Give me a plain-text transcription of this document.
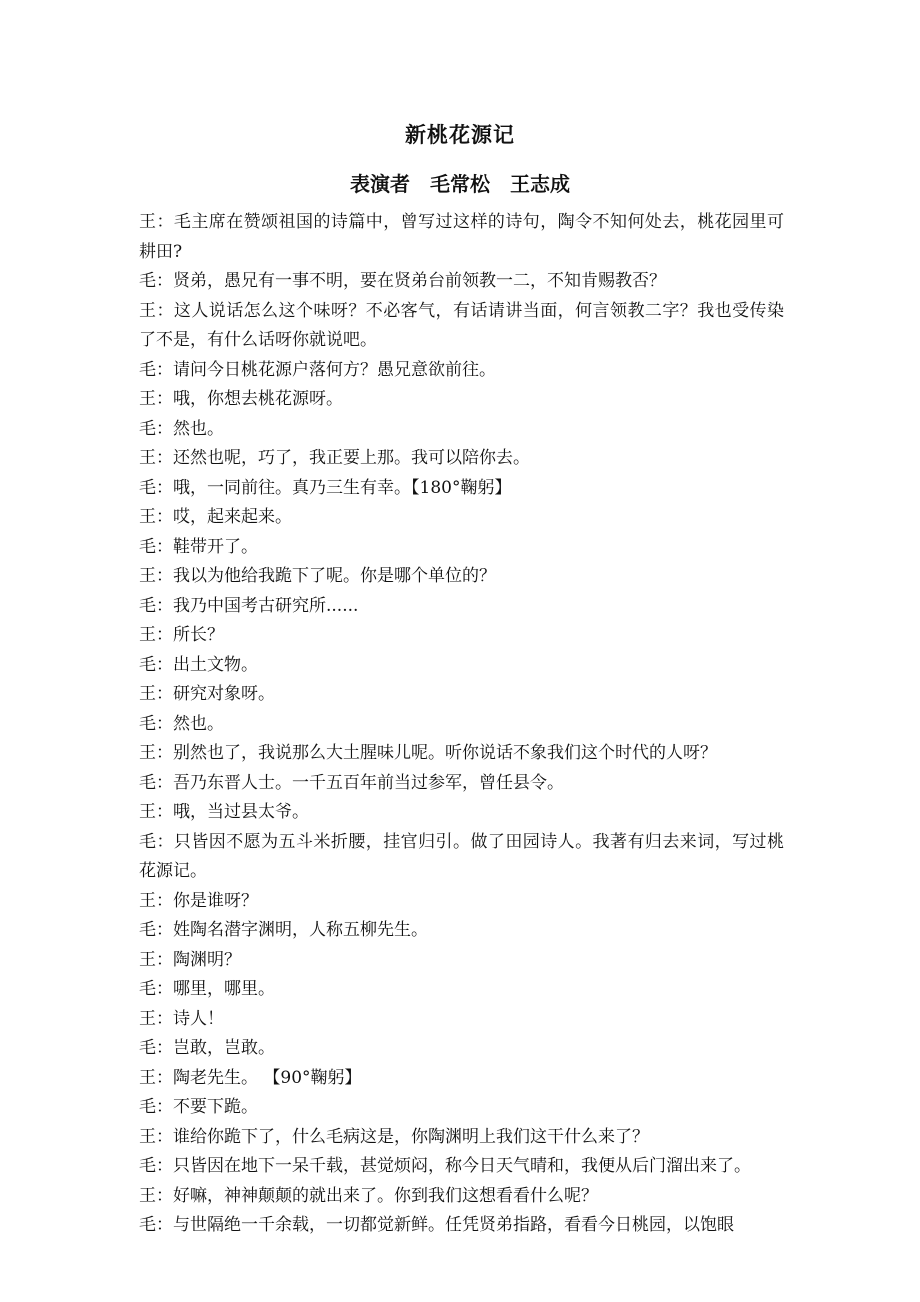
新桃花源记
表演者　毛常松　王志成
王：毛主席在赞颂祖国的诗篇中，曾写过这样的诗句，陶令不知何处去，桃花园里可耕田?
毛：贤弟，愚兄有一事不明，要在贤弟台前领教一二，不知肯赐教否？
王：这人说话怎么这个味呀？不必客气，有话请讲当面，何言领教二字？我也受传染了不是，有什么话呀你就说吧。
毛：请问今日桃花源户落何方？愚兄意欲前往。
王：哦，你想去桃花源呀。
毛：然也。
王：还然也呢，巧了，我正要上那。我可以陪你去。
毛：哦，一同前往。真乃三生有幸。【180°鞠躬】
王：哎，起来起来。
毛：鞋带开了。
王：我以为他给我跪下了呢。你是哪个单位的？
毛：我乃中国考古研究所......
王：所长？
毛：出土文物。
王：研究对象呀。
毛：然也。
王：别然也了，我说那么大土腥味儿呢。听你说话不象我们这个时代的人呀？
毛：吾乃东晋人士。一千五百年前当过参军，曾任县令。
王：哦，当过县太爷。
毛：只皆因不愿为五斗米折腰，挂官归引。做了田园诗人。我著有归去来词，写过桃花源记。
王：你是谁呀？
毛：姓陶名潜字渊明，人称五柳先生。
王：陶渊明？
毛：哪里，哪里。
王：诗人！
毛：岂敢，岂敢。
王：陶老先生。 【90°鞠躬】
毛：不要下跪。
王：谁给你跪下了，什么毛病这是，你陶渊明上我们这干什么来了？
毛：只皆因在地下一呆千载，甚觉烦闷，称今日天气晴和，我便从后门溜出来了。
王：好嘛，神神颠颠的就出来了。你到我们这想看看什么呢？
毛：与世隔绝一千余载，一切都觉新鲜。任凭贤弟指路，看看今日桃园，以饱眼
